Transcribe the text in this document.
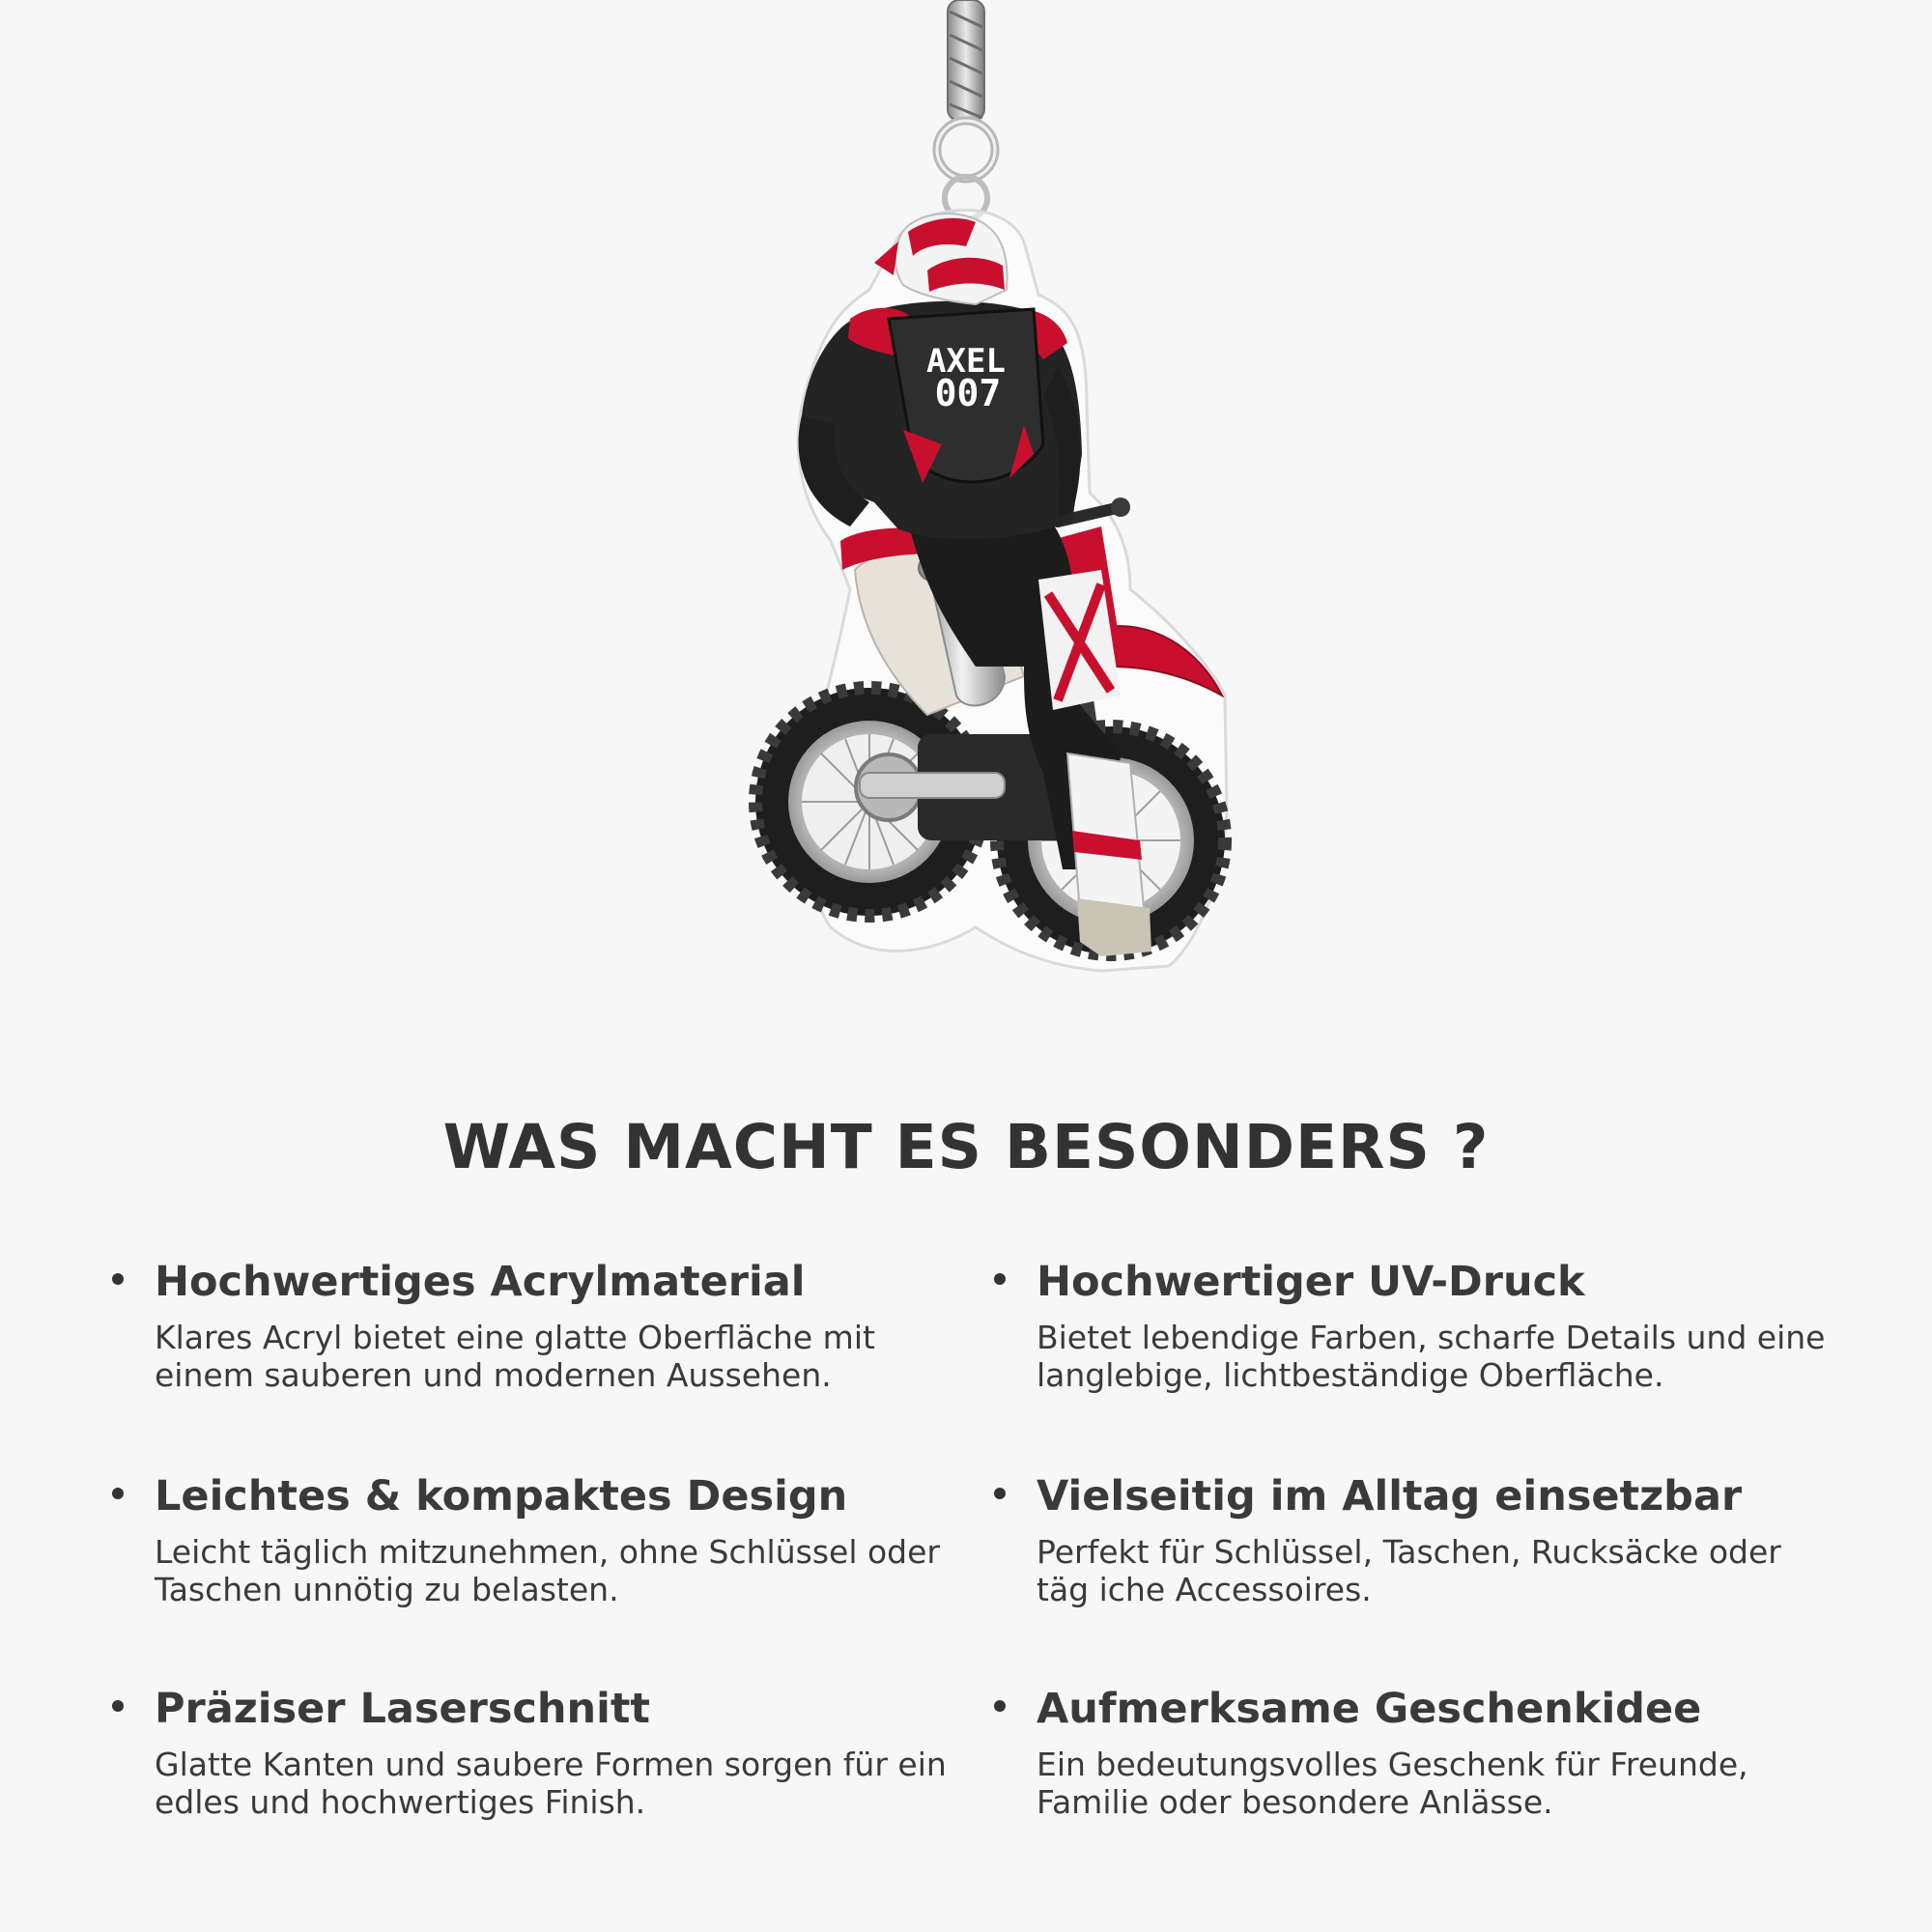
AXEL
007
WAS MACHT ES BESONDERS ?
Hochwertiges Acrylmaterial

Klares Acryl bietet eine glatte Oberfläche mit einem sauberen und modernen Aussehen.

Hochwertiger UV-Druck

Bietet lebendige Farben, scharfe Details und eine langlebige, lichtbeständige Oberfläche.

Leichtes & kompaktes Design

Leicht täglich mitzunehmen, ohne Schlüssel oder Taschen unnötig zu belasten.

Vielseitig im Alltag einsetzbar

Perfekt für Schlüssel, Taschen, Rucksäcke oder täg iche Accessoires.

Präziser Laserschnitt

Glatte Kanten und saubere Formen sorgen für ein edles und hochwertiges Finish.

Aufmerksame Geschenkidee

Ein bedeutungsvolles Geschenk für Freunde, Familie oder besondere Anlässe.
